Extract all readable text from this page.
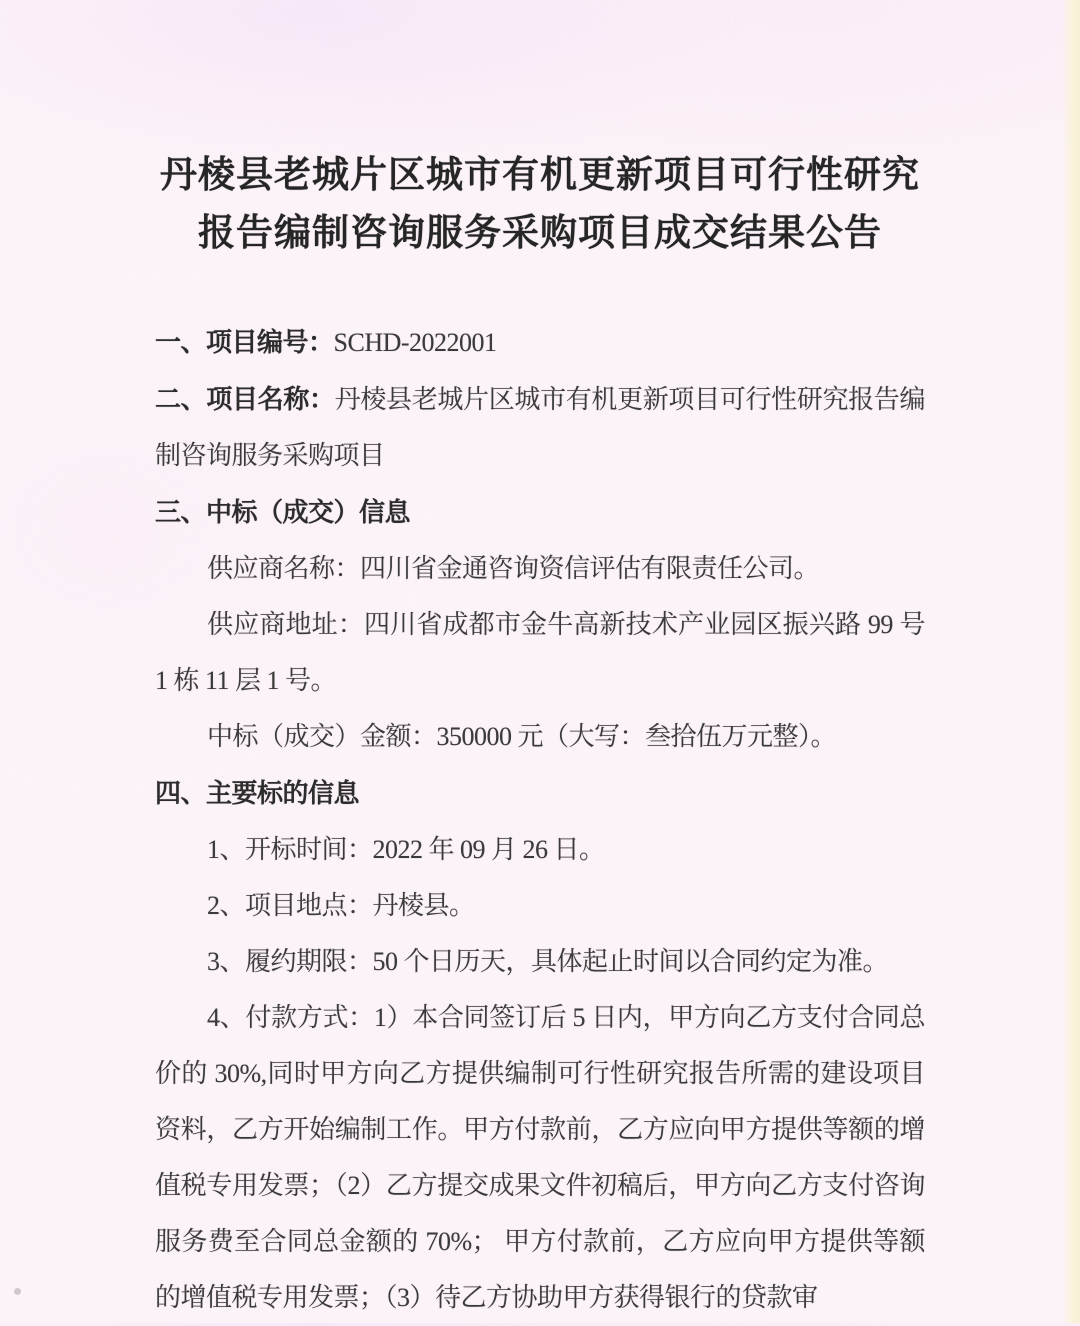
丹棱县老城片区城市有机更新项目可行性研究
报告编制咨询服务采购项目成交结果公告

一、项目编号：SCHD-2022001

二、项目名称：丹棱县老城片区城市有机更新项目可行性研究报告编制咨询服务采购项目

三、中标（成交）信息

供应商名称：四川省金通咨询资信评估有限责任公司。

供应商地址：四川省成都市金牛高新技术产业园区振兴路 99 号 1 栋 11 层 1 号。

中标（成交）金额：350000 元（大写：叁拾伍万元整）。

四、主要标的信息

1、开标时间：2022 年 09 月 26 日。

2、项目地点：丹棱县。

3、履约期限：50 个日历天，具体起止时间以合同约定为准。

4、付款方式：1）本合同签订后 5 日内，甲方向乙方支付合同总价的 30%,同时甲方向乙方提供编制可行性研究报告所需的建设项目资料，乙方开始编制工作。甲方付款前，乙方应向甲方提供等额的增值税专用发票；（2）乙方提交成果文件初稿后，甲方向乙方支付咨询服务费至合同总金额的 70%； 甲方付款前，乙方应向甲方提供等额的增值税专用发票；（3）待乙方协助甲方获得银行的贷款审
